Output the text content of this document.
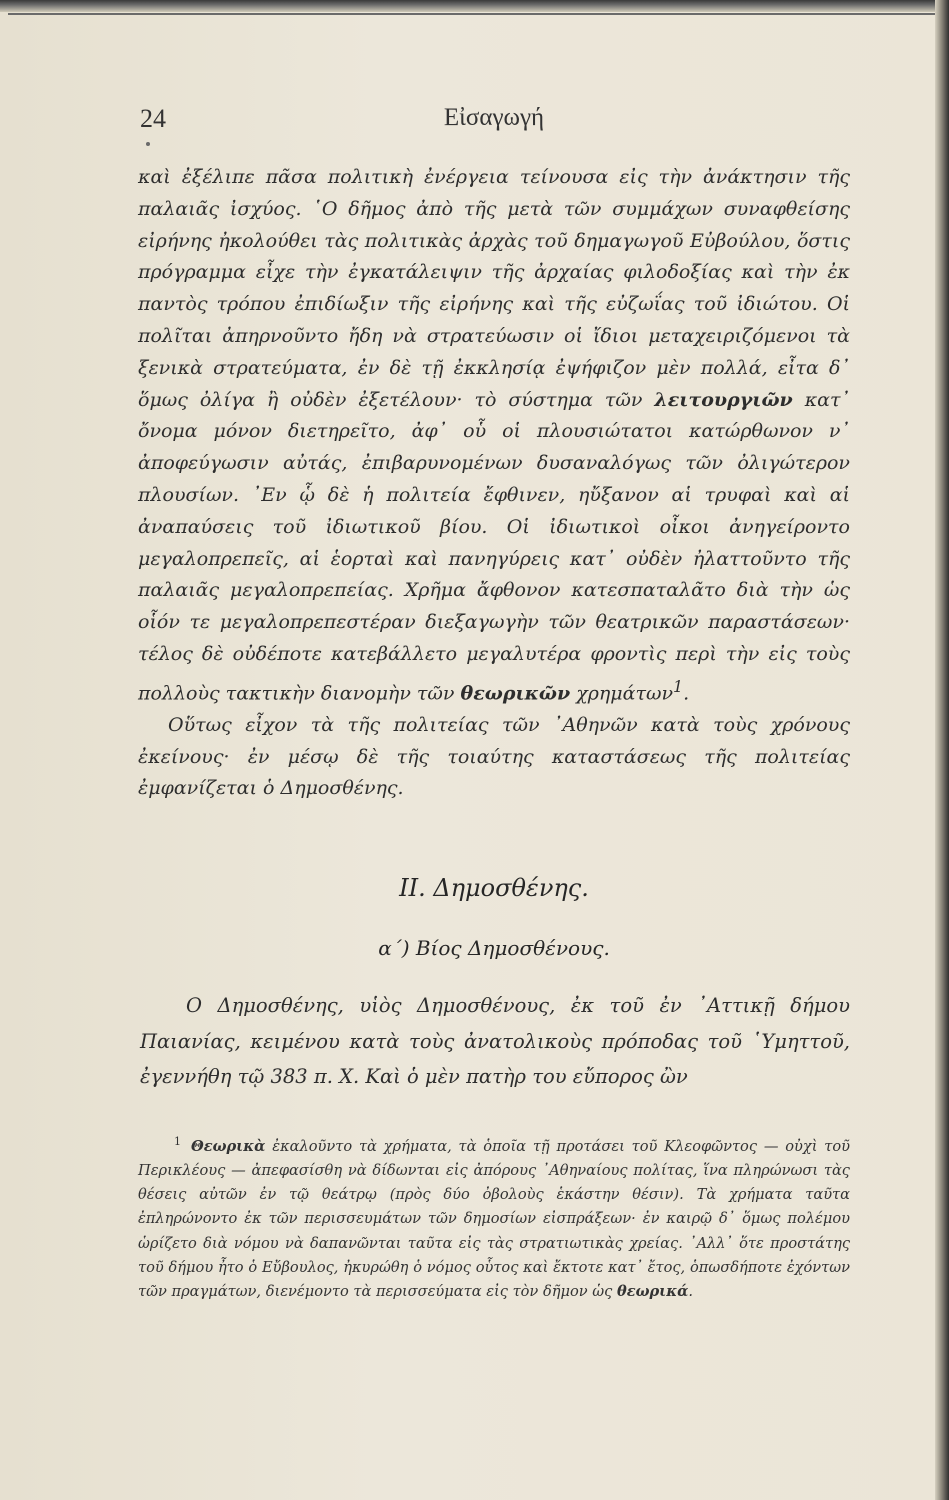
24	Εἰσαγωγή

καὶ ἐξέλιπε πᾶσα πολιτικὴ ἐνέργεια τείνουσα εἰς τὴν ἀνάκτησιν τῆς παλαιᾶς ἰσχύος. ῾Ο δῆμος ἀπὸ τῆς μετὰ τῶν συμμάχων συναφθείσης εἰρήνης ἠκολούθει τὰς πολιτικὰς ἀρχὰς τοῦ δημαγωγοῦ Εὐβούλου, ὅστις πρόγραμμα εἶχε τὴν ἐγκατάλειψιν τῆς ἀρχαίας φιλοδοξίας καὶ τὴν ἐκ παντὸς τρόπου ἐπιδίωξιν τῆς εἰρήνης καὶ τῆς εὐζωΐας τοῦ ἰδιώτου. Οἱ πολῖται ἀπηρνοῦντο ἤδη νὰ στρατεύωσιν οἱ ἴδιοι μεταχειριζόμενοι τὰ ξενικὰ στρατεύματα, ἐν δὲ τῇ ἐκκλησίᾳ ἐψήφιζον μὲν πολλά, εἶτα δ᾽ ὅμως ὀλίγα ἢ οὐδὲν ἐξετέλουν· τὸ σύστημα τῶν λειτουργιῶν κατ᾽ ὄνομα μόνον διετηρεῖτο, ἀφ᾽ οὗ οἱ πλουσιώτατοι κατώρθωνον ν᾽ ἀποφεύγωσιν αὐτάς, ἐπιβαρυνομένων δυσαναλόγως τῶν ὀλιγώτερον πλουσίων. ᾿Εν ᾧ δὲ ἡ πολιτεία ἔφθινεν, ηὔξανον αἱ τρυφαὶ καὶ αἱ ἀναπαύσεις τοῦ ἰδιωτικοῦ βίου. Οἱ ἰδιωτικοὶ οἶκοι ἀνηγείροντο μεγαλοπρεπεῖς, αἱ ἑορταὶ καὶ πανηγύρεις κατ᾽ οὐδὲν ἠλαττοῦντο τῆς παλαιᾶς μεγαλοπρεπείας. Χρῆμα ἄφθονον κατεσπαταλᾶτο διὰ τὴν ὡς οἷόν τε μεγαλοπρεπεστέραν διεξαγωγὴν τῶν θεατρικῶν παραστάσεων· τέλος δὲ οὐδέποτε κατεβάλλετο μεγαλυτέρα φροντὶς περὶ τὴν εἰς τοὺς πολλοὺς τακτικὴν διανομὴν τῶν θεωρικῶν χρημάτων$^1$.

Οὕτως εἶχον τὰ τῆς πολιτείας τῶν ᾿Αθηνῶν κατὰ τοὺς χρόνους ἐκείνους· ἐν μέσῳ δὲ τῆς τοιαύτης καταστάσεως τῆς πολιτείας ἐμφανίζεται ὁ Δημοσθένης.

ΙΙ. Δημοσθένης.
α΄) Βίος Δημοσθένους.

Ο Δημοσθένης, υἱὸς Δημοσθένους, ἐκ τοῦ ἐν ᾿Αττικῇ δήμου Παιανίας, κειμένου κατὰ τοὺς ἀνατολικοὺς πρόποδας τοῦ ῾Υμηττοῦ, ἐγεννήθη τῷ 383 π. Χ. Καὶ ὁ μὲν πατὴρ του εὔπορος ὢν

$^1$ Θεωρικὰ ἐκαλοῦντο τὰ χρήματα, τὰ ὁποῖα τῇ προτάσει τοῦ Κλεοφῶντος — οὐχὶ τοῦ Περικλέους — ἀπεφασίσθη νὰ δίδωνται εἰς ἀπόρους ᾿Αθηναίους πολίτας, ἵνα πληρώνωσι τὰς θέσεις αὐτῶν ἐν τῷ θεάτρῳ (πρὸς δύο ὀβολοὺς ἑκάστην θέσιν). Τὰ χρήματα ταῦτα ἐπληρώνοντο ἐκ τῶν περισσευμάτων τῶν δημοσίων εἰσπράξεων· ἐν καιρῷ δ᾽ ὅμως πολέμου ὡρίζετο διὰ νόμου νὰ δαπανῶνται ταῦτα εἰς τὰς στρατιωτικὰς χρείας. ᾿Αλλ᾽ ὅτε προστάτης τοῦ δήμου ἦτο ὁ Εὔβουλος, ἠκυρώθη ὁ νόμος οὗτος καὶ ἔκτοτε κατ᾽ ἔτος, ὁπωσδήποτε ἐχόντων τῶν πραγμάτων, διενέμοντο τὰ περισσεύματα εἰς τὸν δῆμον ὡς θεωρικά.
